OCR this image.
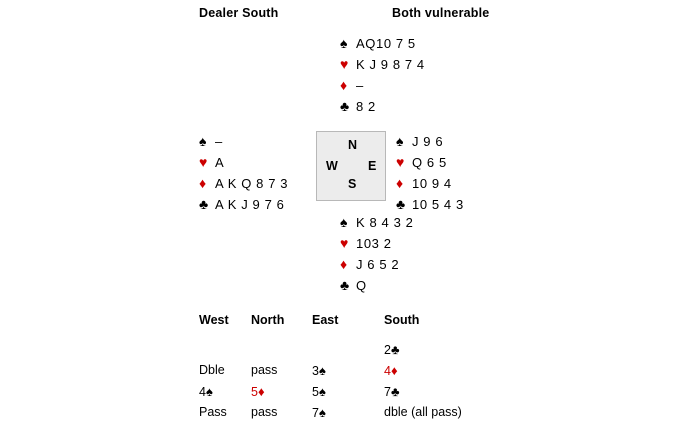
Dealer South	Both vulnerable
♠ AQ10 7 5
♥ K J 9 8 7 4
♦ –
♣ 8 2
♠ –
♥ A
♦ A K Q 8 7 3
♣ A K J 9 7 6
♠ J 9 6
♥ Q 6 5
♦ 10 9 4
♣ 10 5 4 3
♠ K 8 4 3 2
♥ 103 2
♦ J 6 5 2
♣ Q
N
W E
S
West	North	East	South
			2♣
Dble	pass	3♠	4♦
4♠	5♦	5♠	7♣
Pass	pass	7♠	dble (all pass)
